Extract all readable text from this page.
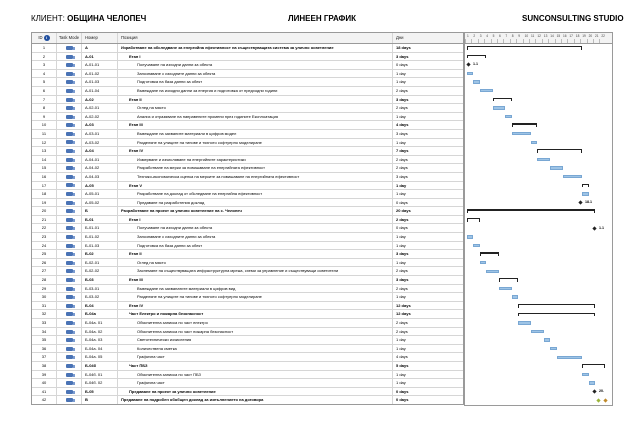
КЛИЕНТ: ОБЩИНА ЧЕЛОПЕЧ	ЛИНЕЕН ГРАФИК	SUNCONSULTING STUDIO
ID i	Task Mode	Номер	Позиция	Дни
1	А	Изработване на обследване за енергийна ефективност на съществуващата система за улично осветление	18 days
2	А-01	Етап I	3 days
3	А-01-01	Получаване на изходни данни за обекта	0 days
4	А-01-02	Запознаване с изходните данни за обекта	1 day
5	А-01-03	Подготовка на база данни за обект	1 day
6	А-01-04	Въвеждане на изходни данни за енергия и подготовка от предходни години	2 days
7	А-02	Етап II	3 days
8	А-02-01	Оглед на място	2 days
9	А-02-02	Анализ и отразяване на направените промени през годините Експлоатация	1 day
10	А-03	Етап III	4 days
11	А-03-01	Въвеждане на захваните материали в цифров модел	3 days
12	А-03-02	Разделяне на улиците на типове и тяхното софтуерно моделиране	1 day
13	А-04	Етап IV	7 days
14	А-04-01	Измерване и изчисляване на енергийните характеристики	2 days
15	А-04-02	Разработване на мерки за повишаване на енергийната ефективност	2 days
16	А-04-03	Технико-икономическа оценка на мерките за повишаване на енергийната ефективност	3 days
17	А-05	Етап V	1 day
18	А-05-01	Разработване на доклад от обследване на енергийна ефективност	1 day
19	А-05-02	Предаване на разработения доклад	0 days
20	Б	Разработване на проект за улично осветление на с. Челопеч	20 days
21	Б-01	Етап I	2 days
22	Б-01-01	Получаване на изходни данни за обекта	0 days
23	Б-01-02	Запознаване с изходните данни за обекта	1 day
24	Б-01-03	Подготовка на база данни за обект	1 day
25	Б-02	Етап II	3 days
26	Б-02-01	Оглед на място	1 day
27	Б-02-02	Заснемане на съществуващата инфраструктурна мрежа, схеми за управление и съществуващи осветители	2 days
28	Б-03	Етап III	3 days
29	Б-03-01	Въвеждане на захванатите материали в цифров вид	2 days
30	Б-03-02	Разделяне на улиците на типове и тяхното софтуерно моделиране	1 day
31	Б-04	Етап IV	12 days
32	Б-04а	Част Електро и пожарна безопасност	12 days
33	Б-04а. 01	Обяснителна записка по част електро	2 days
34	Б-04а. 02	Обяснителна записка по част пожарна безопасност	2 days
35	Б-04а. 03	Светотехнически изчисления	1 day
36	Б-04а. 04	Количествена сметка	1 day
37	Б-04а. 05	Графична част	4 days
38	Б-04б	Част ПБЗ	5 days
39	Б-04б. 01	Обяснителна записка по част ПБЗ	1 day
40	Б-04б. 02	Графична част	1 day
41	Б-05	Предаване на проект за улично осветление	0 days
42	В	Предаване на подробен обобщен доклад за изпълнението на договора	0 days
1 2 3 4 5 6 7 8 9 10 11 12 13 14 15 16 17 18 19 20 21 22
1.1
18.1
1.1
20.
